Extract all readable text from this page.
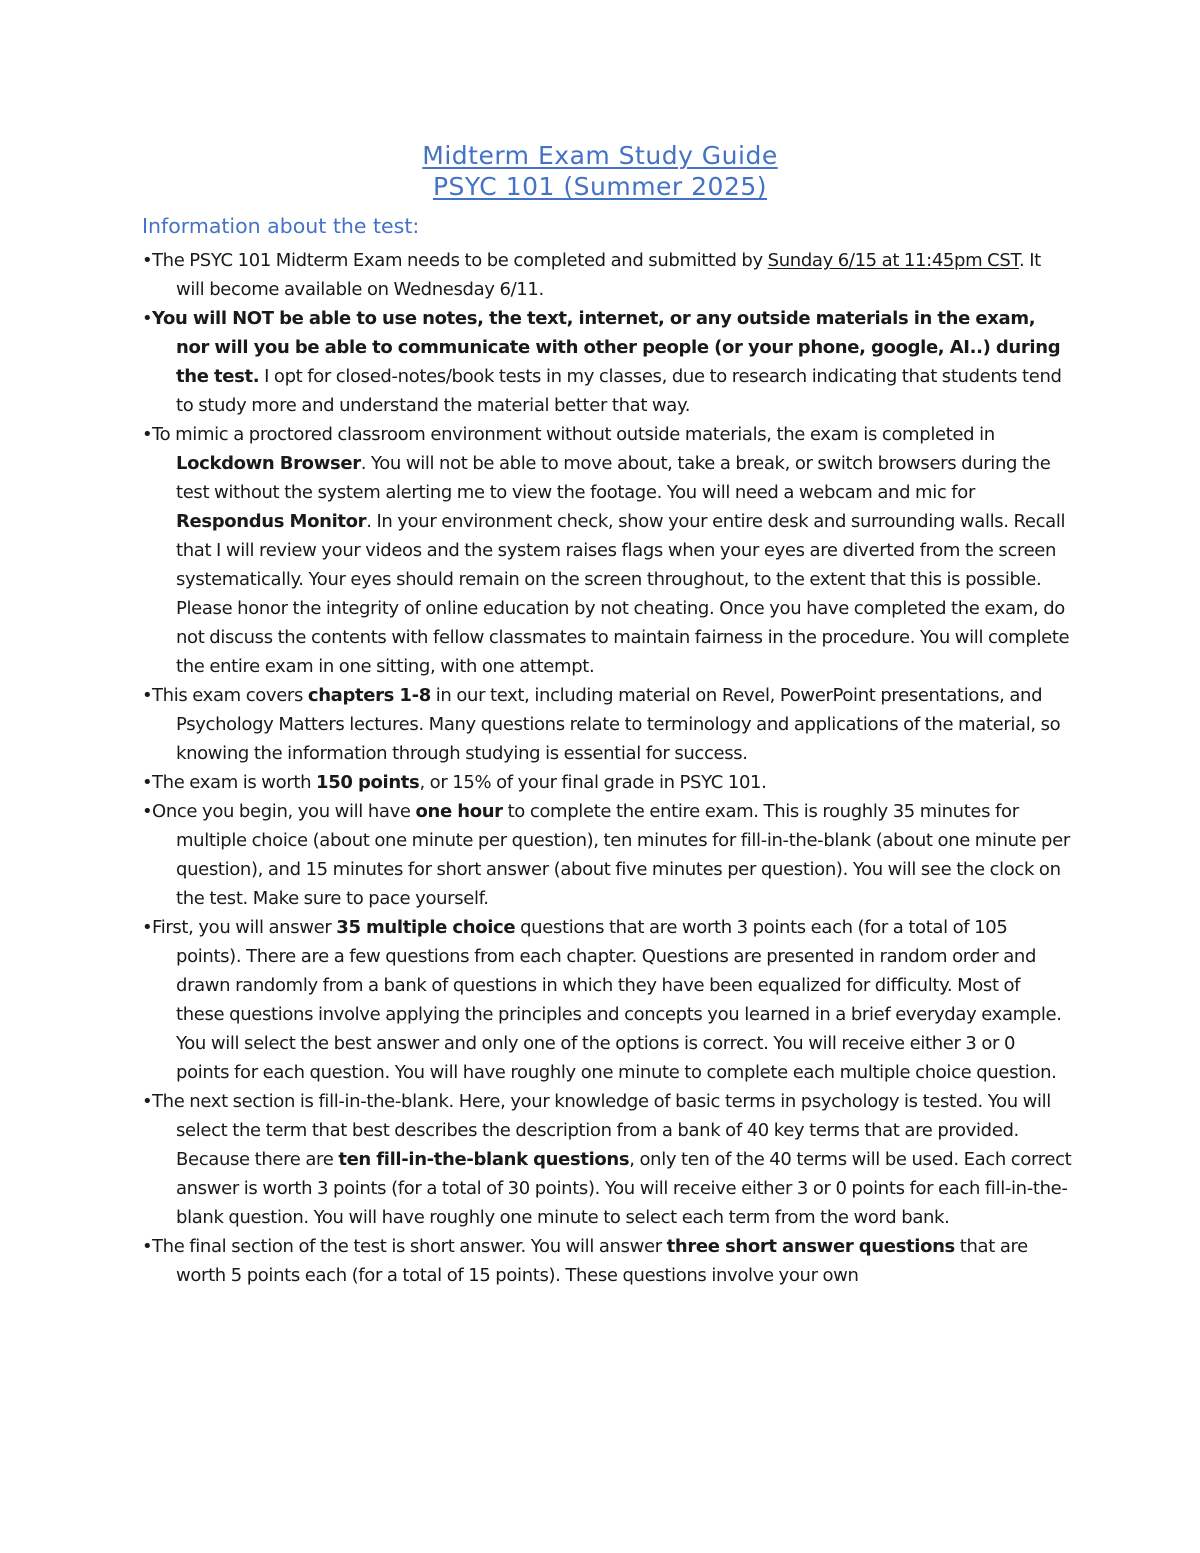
Midterm Exam Study Guide
PSYC 101 (Summer 2025)
Information about the test:
•The PSYC 101 Midterm Exam needs to be completed and submitted by Sunday 6/15 at 11:45pm CST. It will become available on Wednesday 6/11.
•You will NOT be able to use notes, the text, internet, or any outside materials in the exam, nor will you be able to communicate with other people (or your phone, google, AI..) during the test. I opt for closed-notes/book tests in my classes, due to research indicating that students tend to study more and understand the material better that way.
•To mimic a proctored classroom environment without outside materials, the exam is completed in Lockdown Browser. You will not be able to move about, take a break, or switch browsers during the test without the system alerting me to view the footage. You will need a webcam and mic for Respondus Monitor. In your environment check, show your entire desk and surrounding walls. Recall that I will review your videos and the system raises flags when your eyes are diverted from the screen systematically. Your eyes should remain on the screen throughout, to the extent that this is possible. Please honor the integrity of online education by not cheating. Once you have completed the exam, do not discuss the contents with fellow classmates to maintain fairness in the procedure. You will complete the entire exam in one sitting, with one attempt.
•This exam covers chapters 1-8 in our text, including material on Revel, PowerPoint presentations, and Psychology Matters lectures. Many questions relate to terminology and applications of the material, so knowing the information through studying is essential for success.
•The exam is worth 150 points, or 15% of your final grade in PSYC 101.
•Once you begin, you will have one hour to complete the entire exam. This is roughly 35 minutes for multiple choice (about one minute per question), ten minutes for fill-in-the-blank (about one minute per question), and 15 minutes for short answer (about five minutes per question). You will see the clock on the test. Make sure to pace yourself.
•First, you will answer 35 multiple choice questions that are worth 3 points each (for a total of 105 points). There are a few questions from each chapter. Questions are presented in random order and drawn randomly from a bank of questions in which they have been equalized for difficulty. Most of these questions involve applying the principles and concepts you learned in a brief everyday example. You will select the best answer and only one of the options is correct. You will receive either 3 or 0 points for each question. You will have roughly one minute to complete each multiple choice question.
•The next section is fill-in-the-blank. Here, your knowledge of basic terms in psychology is tested. You will select the term that best describes the description from a bank of 40 key terms that are provided. Because there are ten fill-in-the-blank questions, only ten of the 40 terms will be used. Each correct answer is worth 3 points (for a total of 30 points). You will receive either 3 or 0 points for each fill-in-the-blank question. You will have roughly one minute to select each term from the word bank.
•The final section of the test is short answer. You will answer three short answer questions that are worth 5 points each (for a total of 15 points). These questions involve your own
